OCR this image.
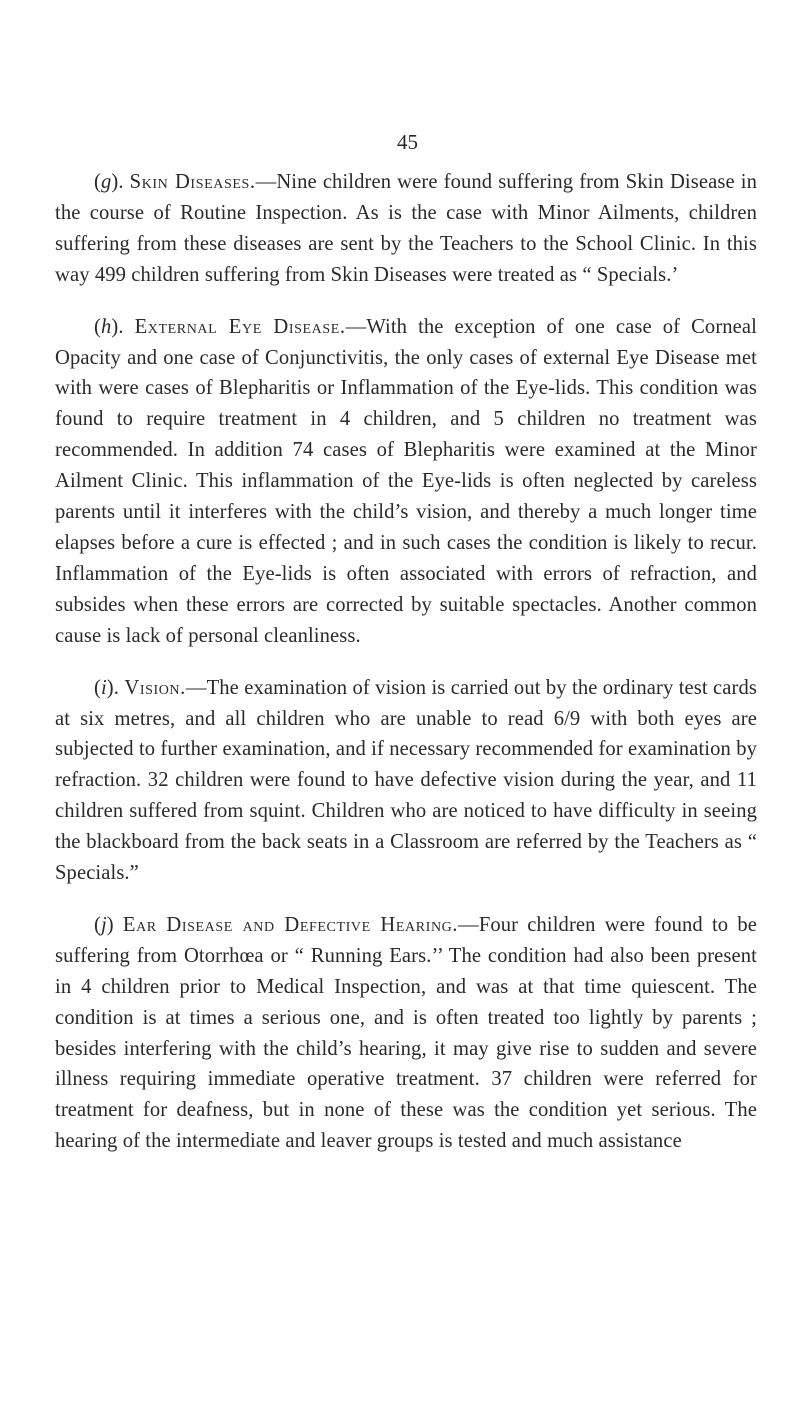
45

(g). Skin Diseases.—Nine children were found suffering from Skin Disease in the course of Routine Inspection. As is the case with Minor Ailments, children suffering from these diseases are sent by the Teachers to the School Clinic. In this way 499 children suffering from Skin Diseases were treated as “ Specials.’

(h). External Eye Disease.—With the exception of one case of Corneal Opacity and one case of Conjunctivitis, the only cases of external Eye Disease met with were cases of Blepharitis or Inflammation of the Eye-lids. This condition was found to require treatment in 4 children, and 5 children no treatment was recommended. In addition 74 cases of Blepharitis were examined at the Minor Ailment Clinic. This inflammation of the Eye-lids is often neglected by careless parents until it interferes with the child’s vision, and thereby a much longer time elapses before a cure is effected ; and in such cases the condition is likely to recur. Inflammation of the Eye-lids is often associated with errors of refraction, and subsides when these errors are corrected by suitable spectacles. Another common cause is lack of personal cleanliness.

(i). Vision.—The examination of vision is carried out by the ordinary test cards at six metres, and all children who are unable to read 6/9 with both eyes are subjected to further examination, and if necessary recommended for examination by refraction. 32 children were found to have defective vision during the year, and 11 children suffered from squint. Children who are noticed to have difficulty in seeing the blackboard from the back seats in a Classroom are referred by the Teachers as “ Specials.”

(j) Ear Disease and Defective Hearing.—Four children were found to be suffering from Otorrhœa or “ Running Ears.’’ The condition had also been present in 4 children prior to Medical Inspection, and was at that time quiescent. The condition is at times a serious one, and is often treated too lightly by parents ; besides interfering with the child’s hearing, it may give rise to sudden and severe illness requiring immediate operative treatment. 37 children were referred for treatment for deafness, but in none of these was the condition yet serious. The hearing of the intermediate and leaver groups is tested and much assistance
